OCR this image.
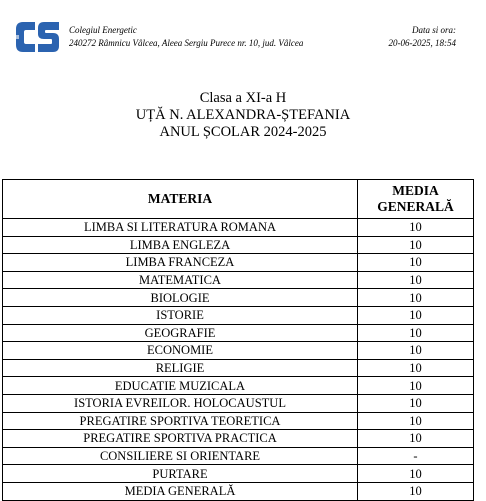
Colegiul Energetic
240272 Râmnicu Vâlcea, Aleea Sergiu Purece nr. 10, jud. Vâlcea
Data si ora:
20-06-2025, 18:54
Clasa a XI-a H
UȚĂ N. ALEXANDRA-ȘTEFANIA
ANUL ȘCOLAR 2024-2025
MATERIA	MEDIA
GENERALĂ
LIMBA SI LITERATURA ROMANA	10
LIMBA ENGLEZA	10
LIMBA FRANCEZA	10
MATEMATICA	10
BIOLOGIE	10
ISTORIE	10
GEOGRAFIE	10
ECONOMIE	10
RELIGIE	10
EDUCATIE MUZICALA	10
ISTORIA EVREILOR. HOLOCAUSTUL	10
PREGATIRE SPORTIVA TEORETICA	10
PREGATIRE SPORTIVA PRACTICA	10
CONSILIERE SI ORIENTARE	-
PURTARE	10
MEDIA GENERALĂ	10
